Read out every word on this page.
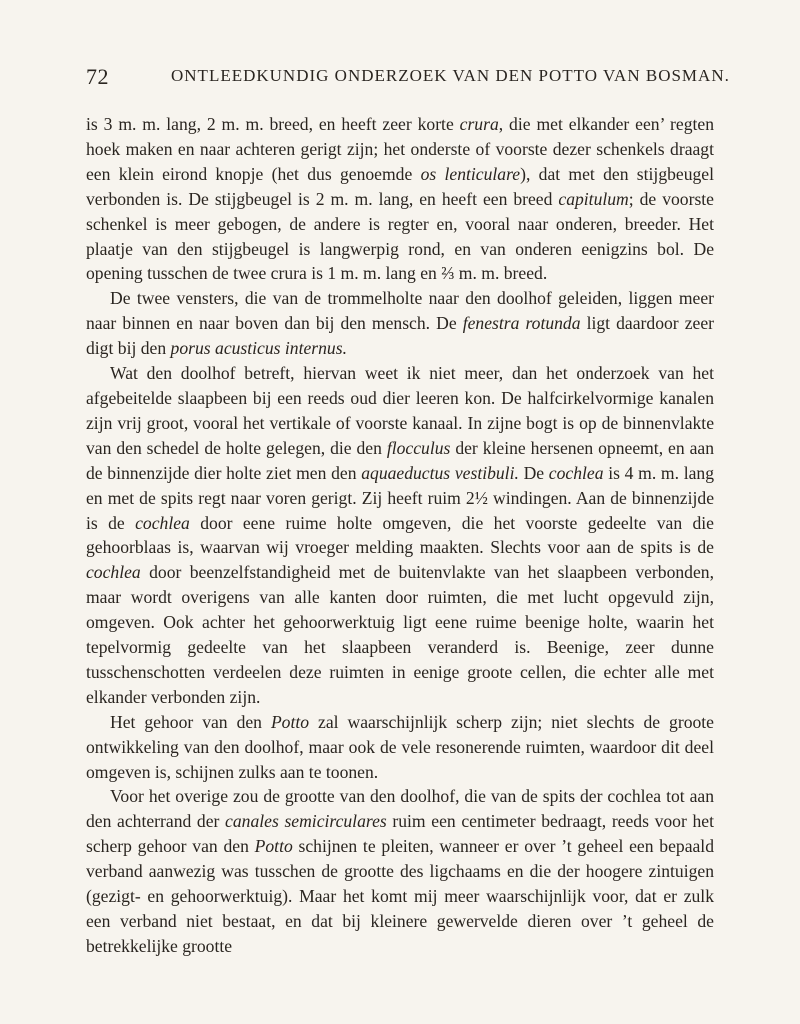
72	ONTLEEDKUNDIG ONDERZOEK VAN DEN POTTO VAN BOSMAN.

is 3 m. m. lang, 2 m. m. breed, en heeft zeer korte crura, die met elkander een’ regten hoek maken en naar achteren gerigt zijn; het onderste of voorste dezer schenkels draagt een klein eirond knopje (het dus genoemde os lenticulare), dat met den stijgbeugel verbonden is. De stijgbeugel is 2 m. m. lang, en heeft een breed capitulum; de voorste schenkel is meer gebogen, de andere is regter en, vooral naar onderen, breeder. Het plaatje van den stijgbeugel is langwerpig rond, en van onderen eenigzins bol. De opening tusschen de twee crura is 1 m. m. lang en ⅔ m. m. breed.

De twee vensters, die van de trommelholte naar den doolhof geleiden, liggen meer naar binnen en naar boven dan bij den mensch. De fenestra rotunda ligt daardoor zeer digt bij den porus acusticus internus.

Wat den doolhof betreft, hiervan weet ik niet meer, dan het onderzoek van het afgebeitelde slaapbeen bij een reeds oud dier leeren kon. De halfcirkelvormige kanalen zijn vrij groot, vooral het vertikale of voorste kanaal. In zijne bogt is op de binnenvlakte van den schedel de holte gelegen, die den flocculus der kleine hersenen opneemt, en aan de binnenzijde dier holte ziet men den aquaeductus vestibuli. De cochlea is 4 m. m. lang en met de spits regt naar voren gerigt. Zij heeft ruim 2½ windingen. Aan de binnenzijde is de cochlea door eene ruime holte omgeven, die het voorste gedeelte van die gehoorblaas is, waarvan wij vroeger melding maakten. Slechts voor aan de spits is de cochlea door beenzelfstandigheid met de buitenvlakte van het slaapbeen verbonden, maar wordt overigens van alle kanten door ruimten, die met lucht opgevuld zijn, omgeven. Ook achter het gehoorwerktuig ligt eene ruime beenige holte, waarin het tepelvormig gedeelte van het slaapbeen veranderd is. Beenige, zeer dunne tusschenschotten verdeelen deze ruimten in eenige groote cellen, die echter alle met elkander verbonden zijn.

Het gehoor van den Potto zal waarschijnlijk scherp zijn; niet slechts de groote ontwikkeling van den doolhof, maar ook de vele resonerende ruimten, waardoor dit deel omgeven is, schijnen zulks aan te toonen.

Voor het overige zou de grootte van den doolhof, die van de spits der cochlea tot aan den achterrand der canales semicirculares ruim een centimeter bedraagt, reeds voor het scherp gehoor van den Potto schijnen te pleiten, wanneer er over ’t geheel een bepaald verband aanwezig was tusschen de grootte des ligchaams en die der hoogere zintuigen (gezigt- en gehoorwerktuig). Maar het komt mij meer waarschijnlijk voor, dat er zulk een verband niet bestaat, en dat bij kleinere gewervelde dieren over ’t geheel de betrekkelijke grootte
